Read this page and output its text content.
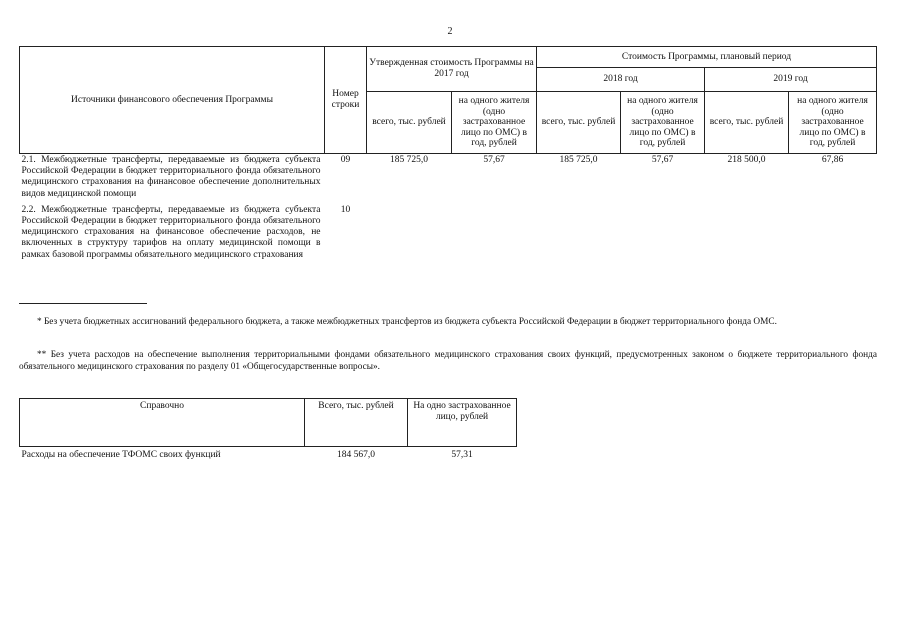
2
Источники финансового обеспечения Программы	Номер строки	Утвержденная стоимость Программы на 2017 год		Стоимость Программы, плановый период			
				2018 год		2019 год	
		всего, тыс. рублей	на одного жителя (одно застрахованное лицо по ОМС) в год, рублей	всего, тыс. рублей	на одного жителя (одно застрахованное лицо по ОМС) в год, рублей	всего, тыс. рублей	на одного жителя (одно застрахованное лицо по ОМС) в год, рублей
2.1. Межбюджетные трансферты, передаваемые из бюджета субъекта Российской Федерации в бюджет территориального фонда обязательного медицинского страхования на финансовое обеспечение дополнительных видов медицинской помощи	09	185 725,0	57,67	185 725,0	57,67	218 500,0	67,86
2.2. Межбюджетные трансферты, передаваемые из бюджета субъекта Российской Федерации в бюджет территориального фонда обязательного медицинского страхования на финансовое обеспечение расходов, не включенных в структуру тарифов на оплату медицинской помощи в рамках базовой программы обязательного медицинского страхования	10						
* Без учета бюджетных ассигнований федерального бюджета, а также межбюджетных трансфертов из бюджета субъекта Российской Федерации в бюджет территориального фонда ОМС.
** Без учета расходов на обеспечение выполнения территориальными фондами обязательного медицинского страхования своих функций, предусмотренных законом о бюджете территориального фонда обязательного медицинского страхования по разделу 01 «Общегосударственные вопросы».
Справочно	Всего, тыс. рублей	На одно застрахованное лицо, рублей
Расходы на обеспечение ТФОМС своих функций	184 567,0	57,31
